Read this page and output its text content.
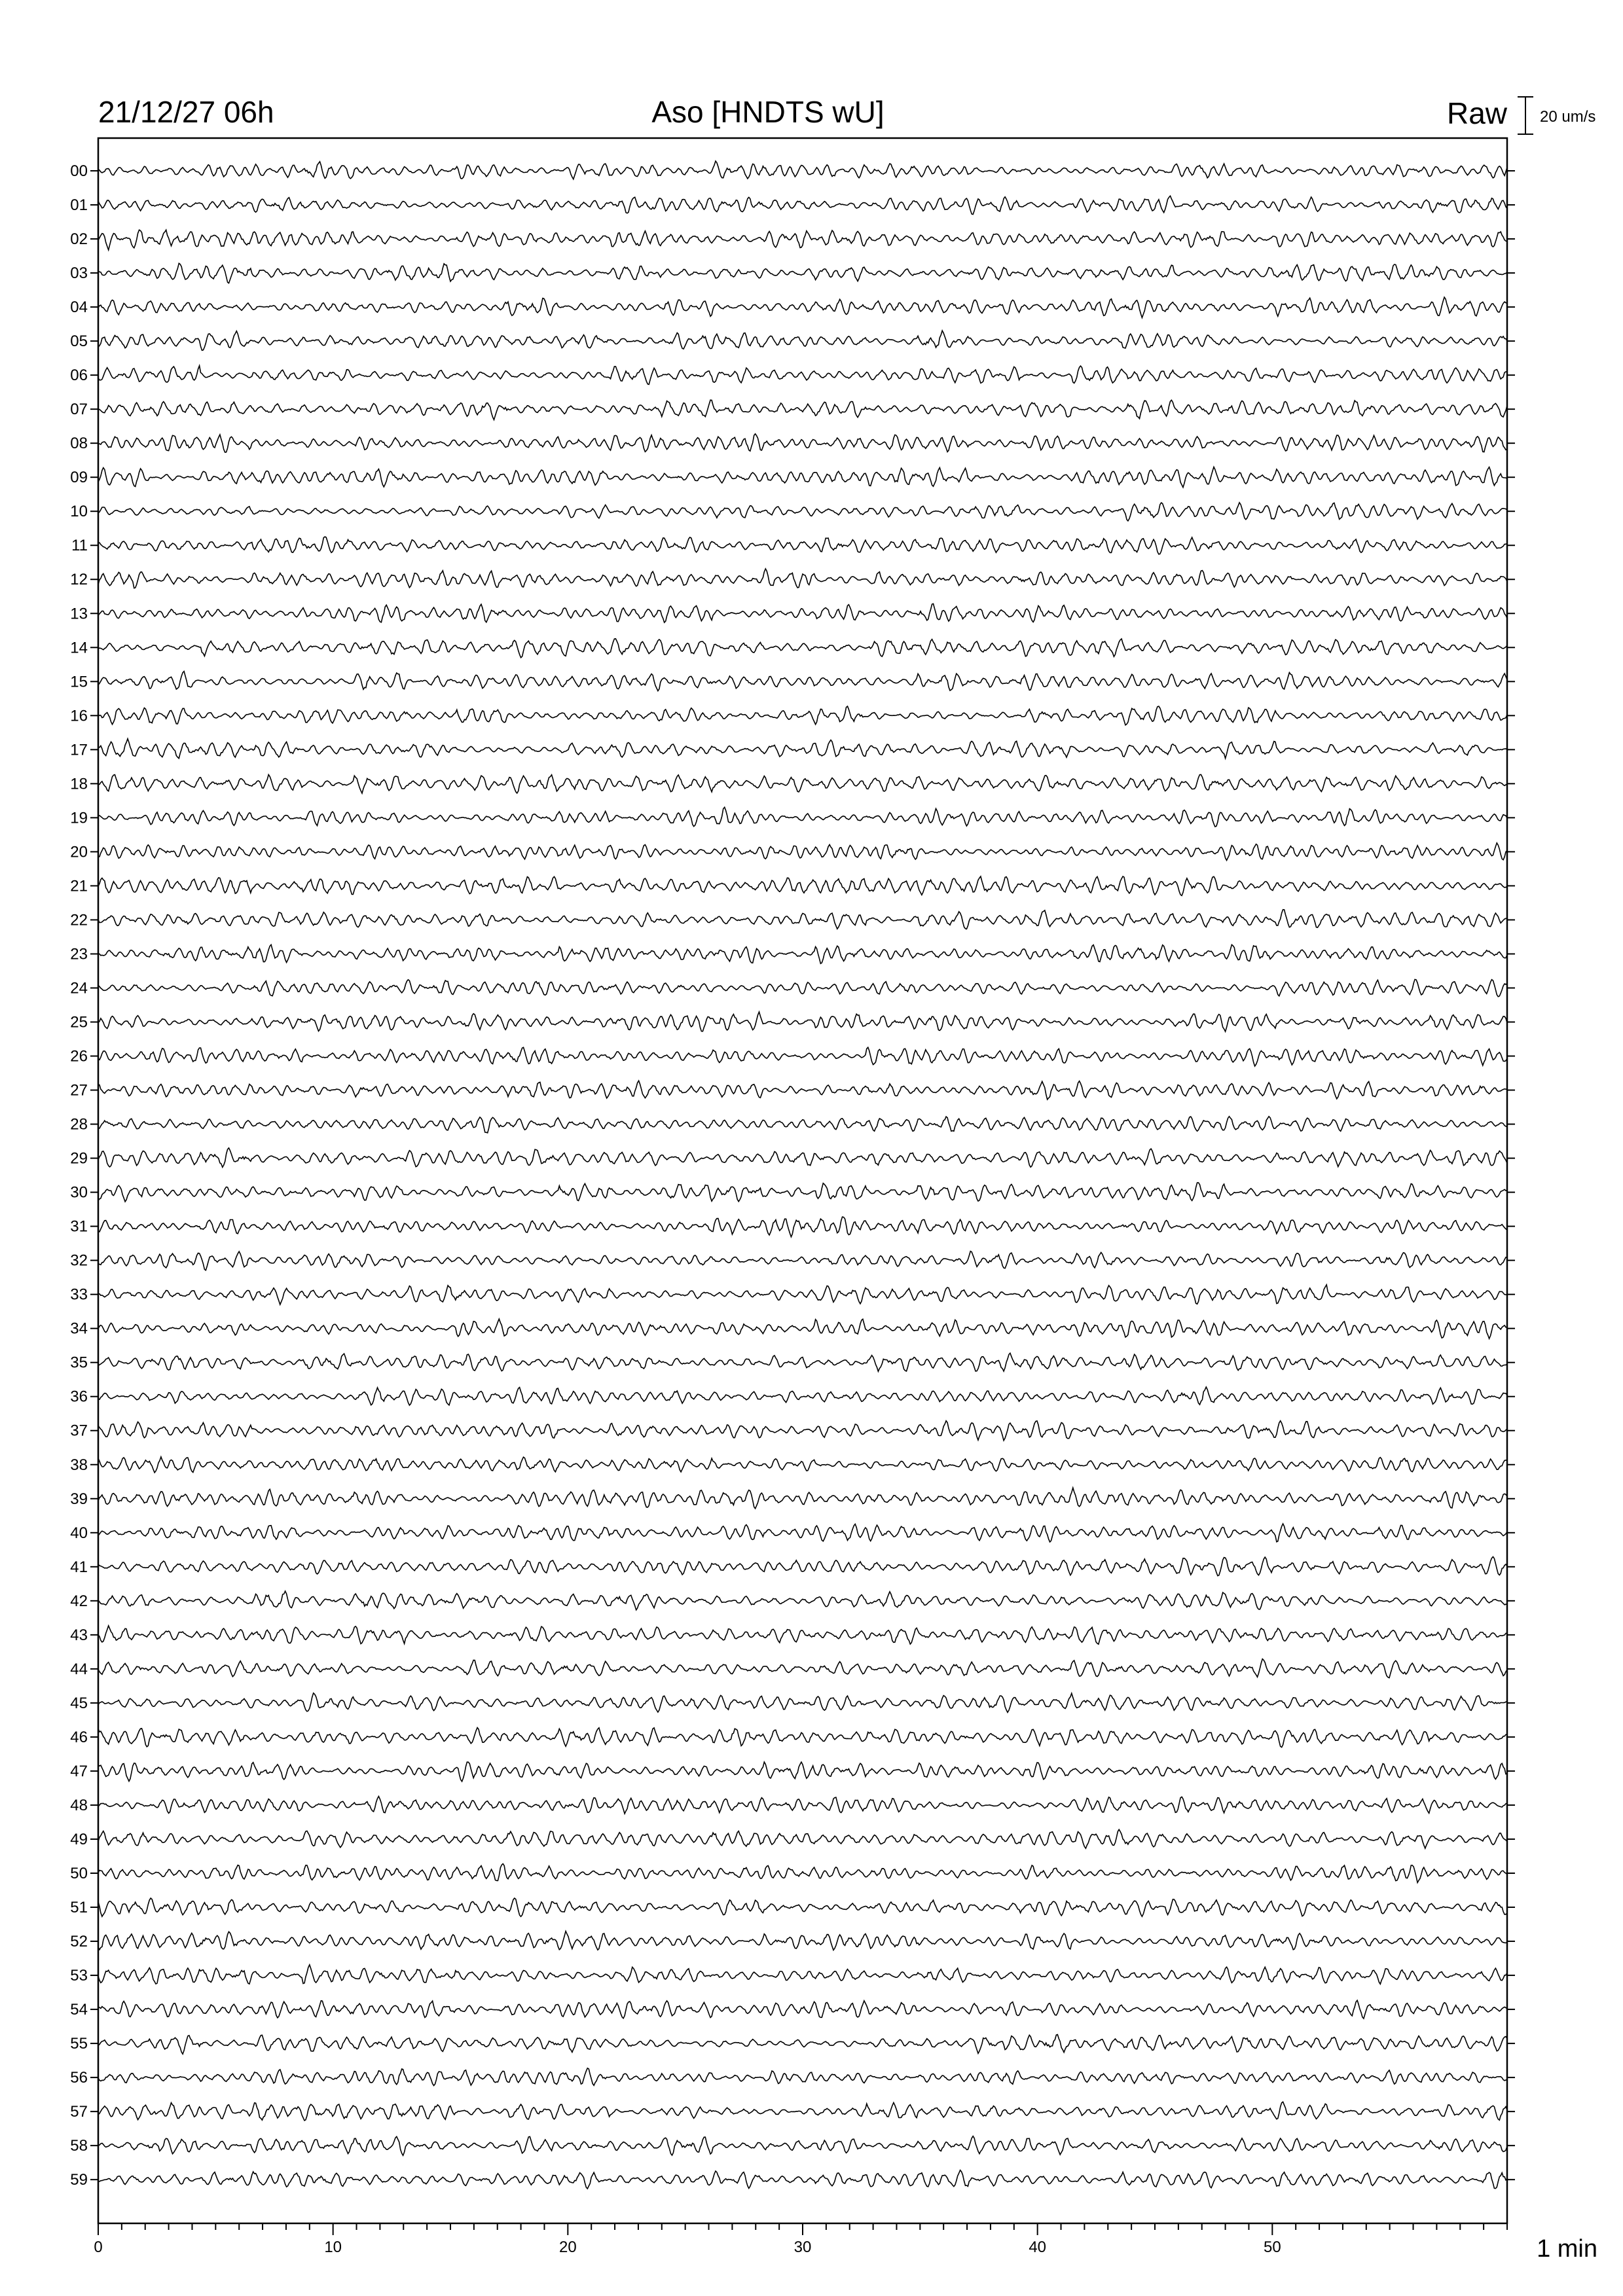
21/12/27 06h	Aso [HNDTS wU]	Raw 20 um/s
00
01
02
03
04
05
06
07
08
09
10
11
12
13
14
15
16
17
18
19
20
21
22
23
24
25
26
27
28
29
30
31
32
33
34
35
36
37
38
39
40
41
42
43
44
45
46
47
48
49
50
51
52
53
54
55
56
57
58
59
0	10	20	30	40	50	1 min
